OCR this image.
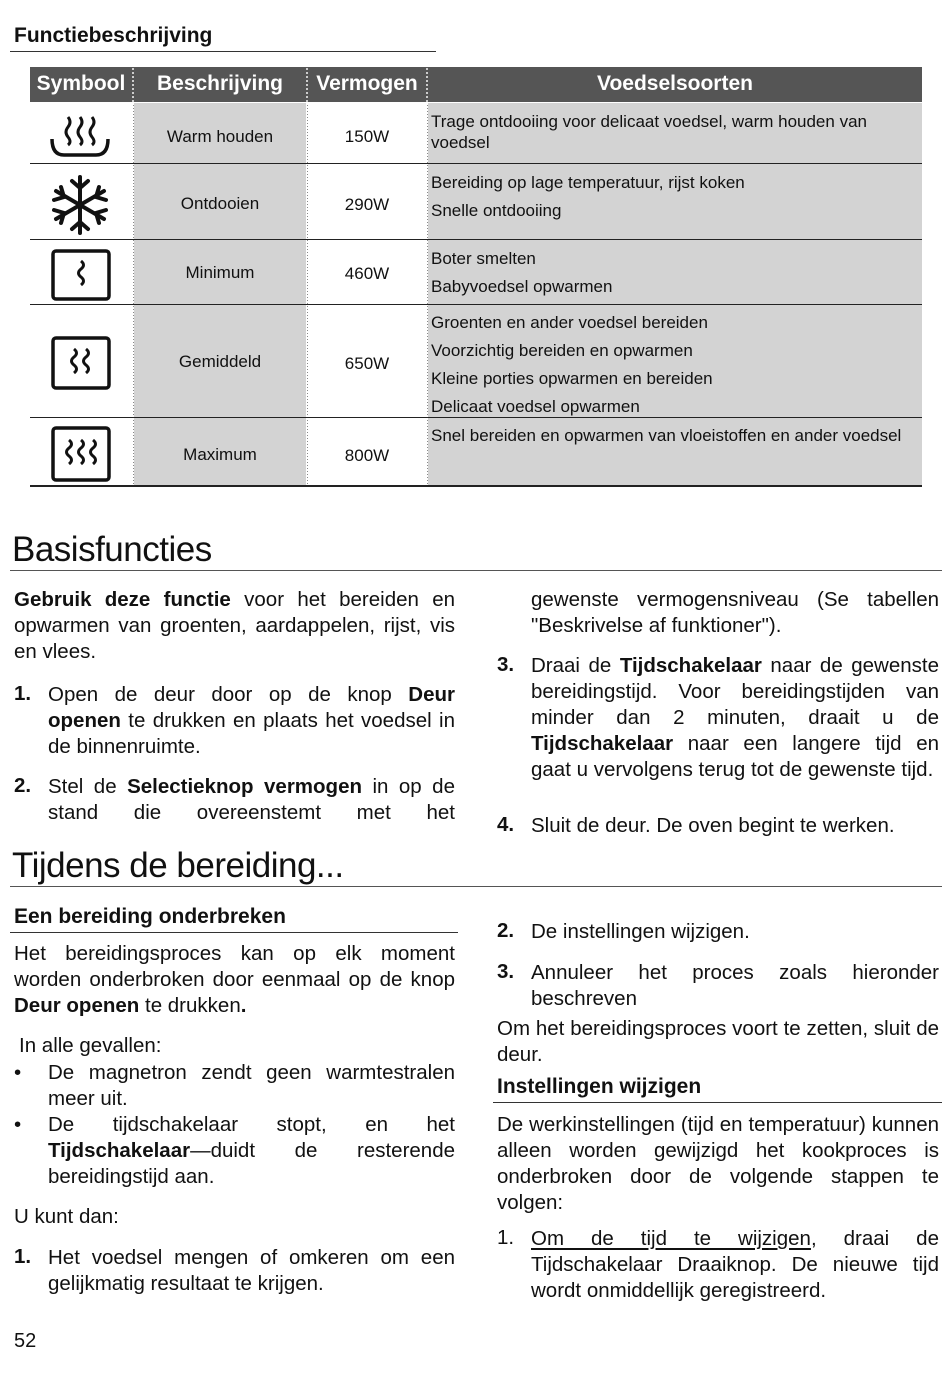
Functiebeschrijving
Symbool	Beschrijving	Vermogen	Voedselsoorten
Warm houden	150W
Trage ontdooiing voor delicaat voedsel, warm houden van voedsel
Ontdooien	290W
Bereiding op lage temperatuur, rijst koken
Snelle ontdooiing
Minimum	460W
Boter smelten
Babyvoedsel opwarmen
Gemiddeld	650W
Groenten en ander voedsel bereiden
Voorzichtig bereiden en opwarmen
Kleine porties opwarmen en bereiden
Delicaat voedsel opwarmen
Maximum	800W
Snel bereiden en opwarmen van vloeistoffen en ander voedsel
Basisfuncties
Gebruik deze functie voor het bereiden en opwarmen van groenten, aardappelen, rijst, vis en vlees.
1. Open de deur door op de knop Deur openen te drukken en plaats het voedsel in de binnenruimte.
2. Stel de Selectieknop vermogen in op de stand die overeenstemt met het
gewenste vermogensniveau (Se tabellen "Beskrivelse af funktioner").
3. Draai de Tijdschakelaar naar de gewenste bereidingstijd. Voor bereidingstijden van minder dan 2 minuten, draait u de Tijdschakelaar naar een langere tijd en gaat u vervolgens terug tot de gewenste tijd.
4. Sluit de deur. De oven begint te werken.
Tijdens de bereiding...
Een bereiding onderbreken
Het bereidingsproces kan op elk moment worden onderbroken door eenmaal op de knop Deur openen te drukken.
In alle gevallen:
• De magnetron zendt geen warmtestralen meer uit.
• De tijdschakelaar stopt, en het Tijdschakelaar—duidt de resterende bereidingstijd aan.
U kunt dan:
1. Het voedsel mengen of omkeren om een gelijkmatig resultaat te krijgen.
2. De instellingen wijzigen.
3. Annuleer het proces zoals hieronder beschreven
Om het bereidingsproces voort te zetten, sluit de deur.
Instellingen wijzigen
De werkinstellingen (tijd en temperatuur) kunnen alleen worden gewijzigd het kookproces is onderbroken door de volgende stappen te volgen:
1. Om de tijd te wijzigen, draai de Tijdschakelaar Draaiknop. De nieuwe tijd wordt onmiddellijk geregistreerd.
52
